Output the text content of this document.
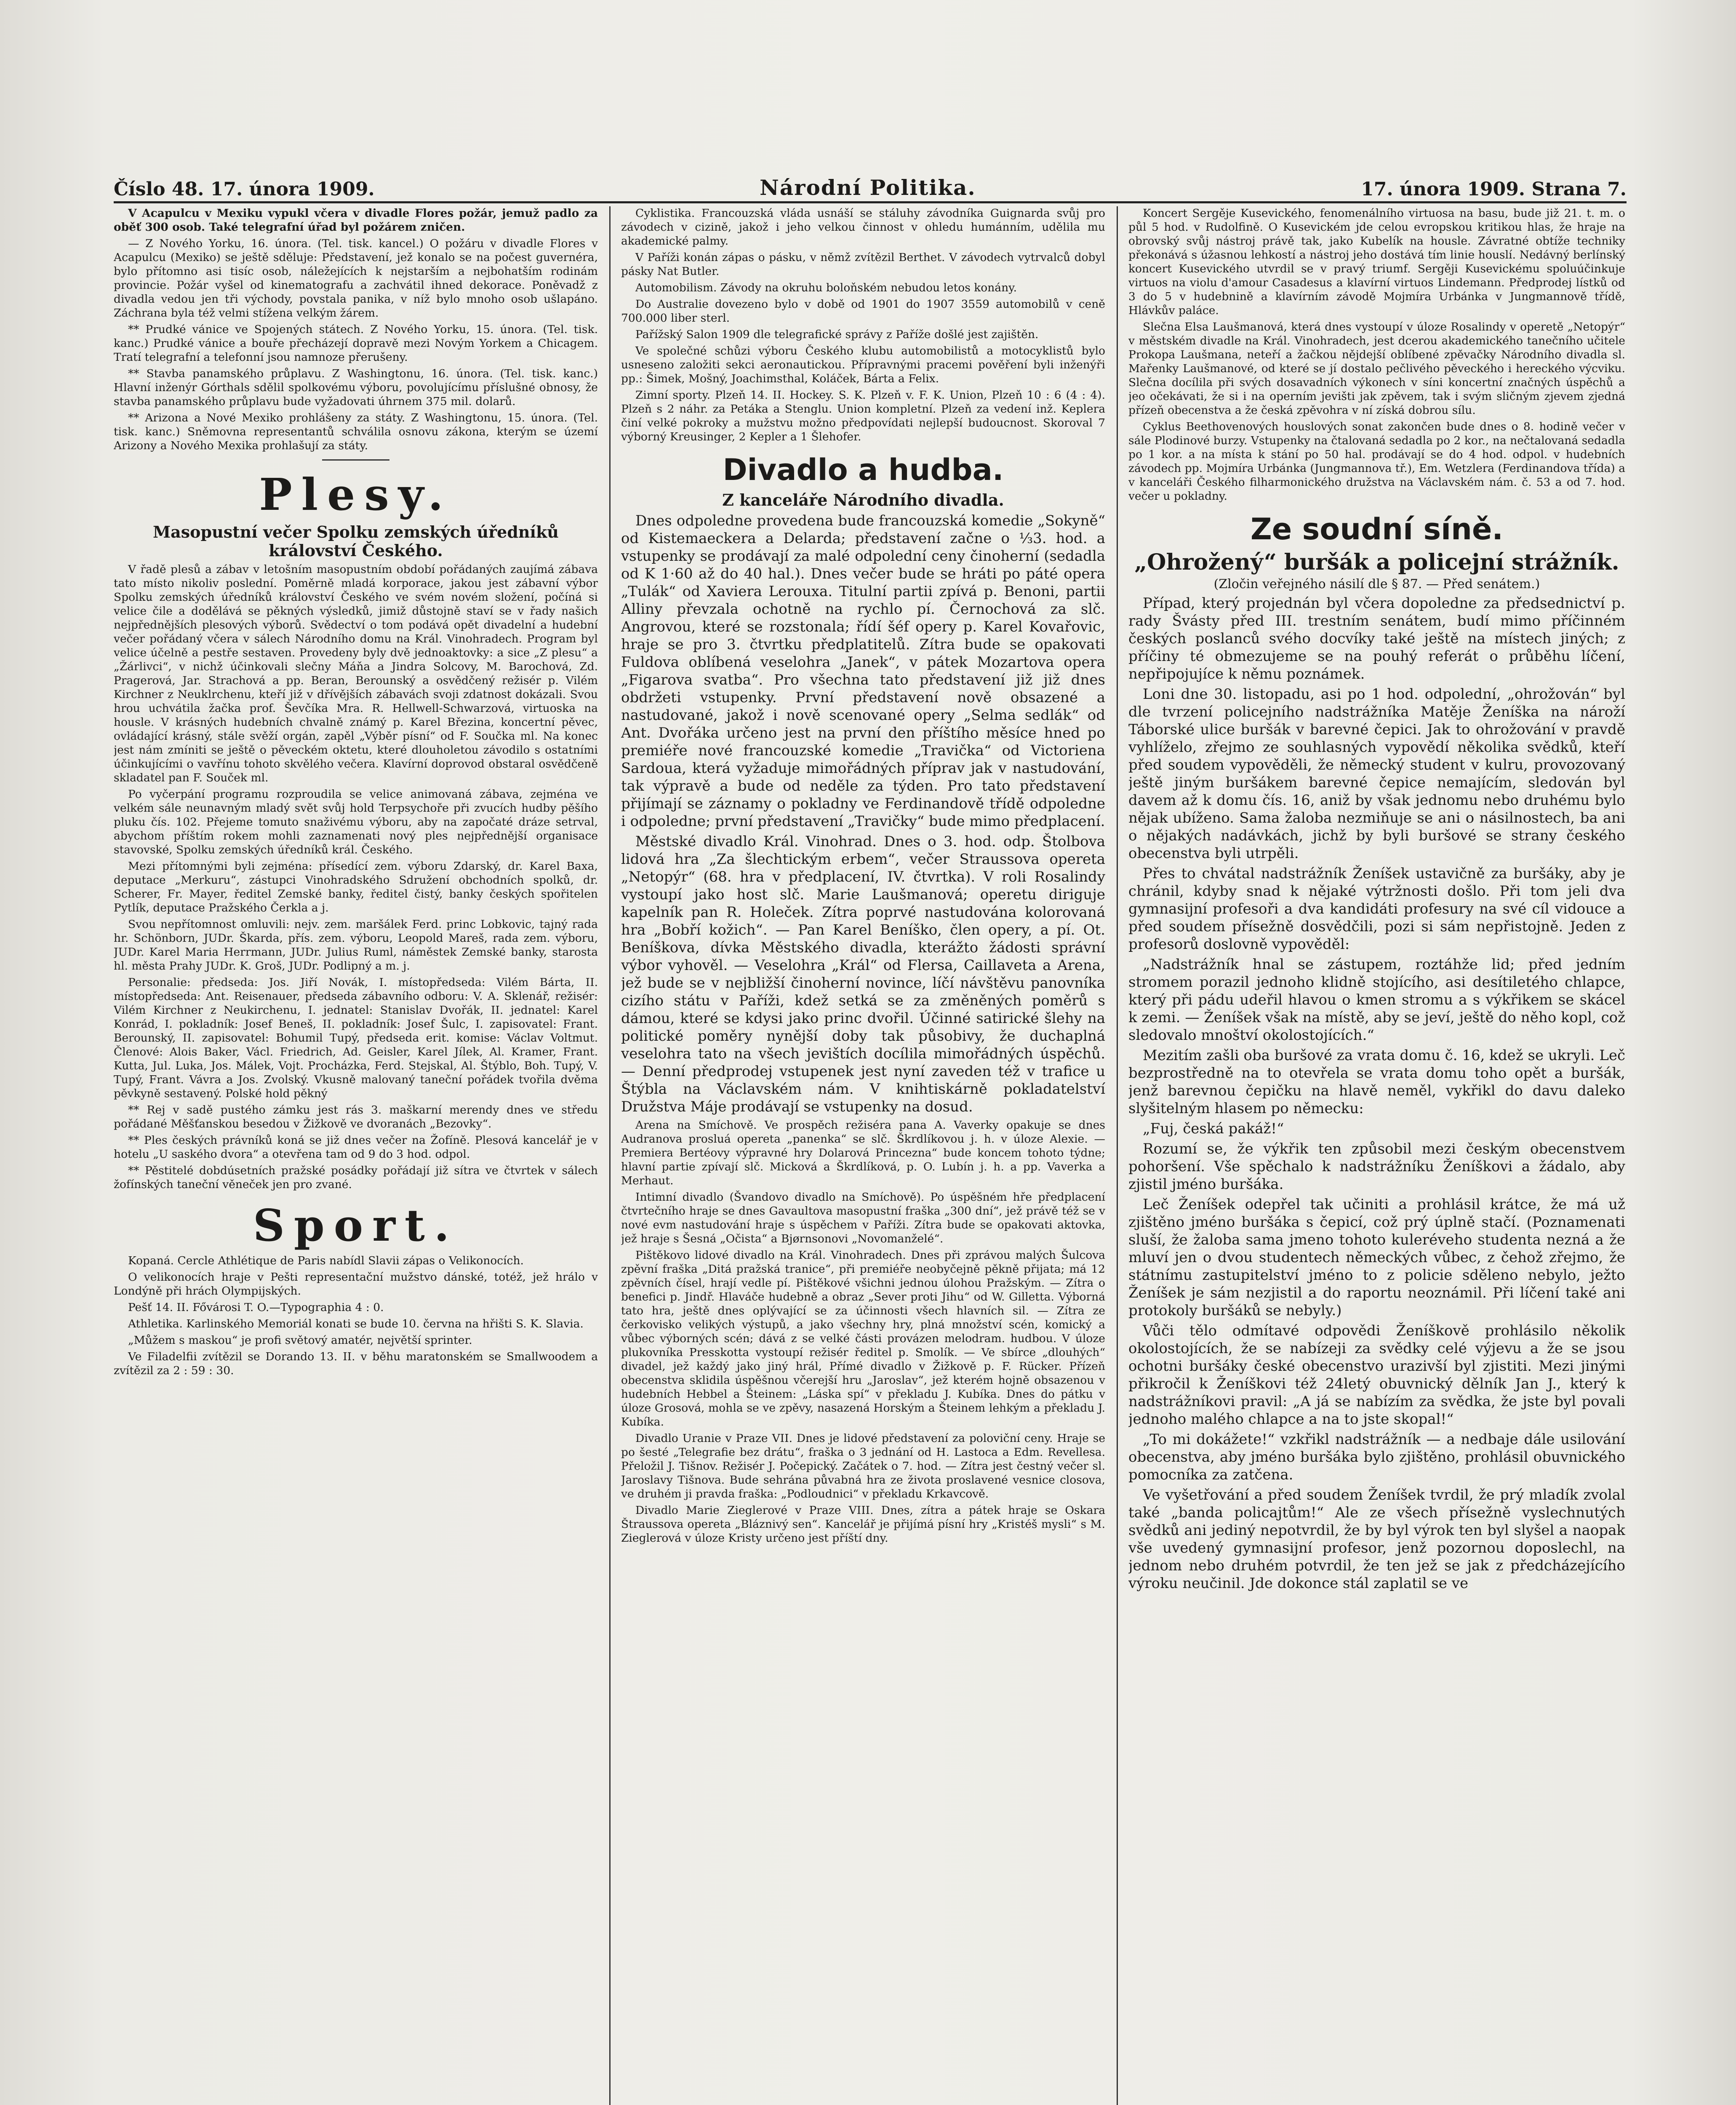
Číslo 48. 17. února 1909.	Národní Politika.	17. února 1909. Strana 7.

V Acapulcu v Mexiku vypukl včera v divadle Flores požár, jemuž padlo za oběť 300 osob. Také telegrafní úřad byl požárem zničen.

— Z Nového Yorku, 16. února. (Tel. tisk. kancel.) O požáru v divadle Flores v Acapulcu (Mexiko) se ještě sděluje: Představení, jež konalo se na počest guvernéra, bylo přítomno asi tisíc osob, náležejících k nejstarším a nejbohatším rodinám provincie. Požár vyšel od kinematografu a zachvátil ihned dekorace. Poněvadž z divadla vedou jen tři východy, povstala panika, v níž bylo mnoho osob ušlapáno. Záchrana byla též velmi stížena velkým žárem.

** Prudké vánice ve Spojených státech. Z Nového Yorku, 15. února. (Tel. tisk. kanc.) Prudké vánice a bouře přecházejí dopravě mezi Novým Yorkem a Chicagem. Tratí telegrafní a telefonní jsou namnoze přerušeny.

** Stavba panamského průplavu. Z Washingtonu, 16. února. (Tel. tisk. kanc.) Hlavní inženýr Górthals sdělil spolkovému výboru, povolujícímu příslušné obnosy, že stavba panamského průplavu bude vyžadovati úhrnem 375 mil. dolarů.

** Arizona a Nové Mexiko prohlášeny za státy. Z Washingtonu, 15. února. (Tel. tisk. kanc.) Sněmovna representantů schválila osnovu zákona, kterým se území Arizony a Nového Mexika prohlašují za státy.

Plesy.
Masopustní večer Spolku zemských úředníků království Českého.

V řadě plesů a zábav v letošním masopustním období pořádaných zaujímá zábava tato místo nikoliv poslední. Poměrně mladá korporace, jakou jest zábavní výbor Spolku zemských úředníků království Českého ve svém novém složení, počíná si velice čile a dodělává se pěkných výsledků, jimiž důstojně staví se v řady našich nejpřednějších plesových výborů. Svědectví o tom podává opět divadelní a hudební večer pořádaný včera v sálech Národního domu na Král. Vinohradech. Program byl velice účelně a pestře sestaven. Provedeny byly dvě jednoaktovky: a sice „Z plesu“ a „Žárlivci“, v nichž účinkovali slečny Máňa a Jindra Solcovy, M. Barochová, Zd. Pragerová, Jar. Strachová a pp. Beran, Berounský a osvědčený režisér p. Vilém Kirchner z Neuklrchenu, kteří již v dřívějších zábavách svoji zdatnost dokázali. Svou hrou uchvátila žačka prof. Ševčíka Mra. R. Hellwell-Schwarzová, virtuoska na housle. V krásných hudebních chvalně známý p. Karel Březina, koncertní pěvec, ovládající krásný, stále svěží orgán, zapěl „Výběr písní“ od F. Součka ml. Na konec jest nám zmíniti se ještě o pěveckém oktetu, které dlouholetou závodilo s ostatními účinkujícími o vavřínu tohoto skvělého večera. Klavírní doprovod obstaral osvědčeně skladatel pan F. Souček ml.

Po vyčerpání programu rozproudila se velice animovaná zábava, zejména ve velkém sále neunavným mladý svět svůj hold Terpsychoře při zvucích hudby pěšího pluku čís. 102. Přejeme tomuto snaživému výboru, aby na započaté dráze setrval, abychom příštím rokem mohli zaznamenati nový ples nejpřednější organisace stavovské, Spolku zemských úředníků král. Českého.

Mezi přítomnými byli zejména: přísedící zem. výboru Zdarský, dr. Karel Baxa, deputace „Merkuru“, zástupci Vinohradského Sdružení obchodních spolků, dr. Scherer, Fr. Mayer, ředitel Zemské banky, ředitel čistý, banky českých spořitelen Pytlík, deputace Pražského Čerkla a j.

Svou nepřítomnost omluvili: nejv. zem. maršálek Ferd. princ Lobkovic, tajný rada hr. Schönborn, JUDr. Škarda, přís. zem. výboru, Leopold Mareš, rada zem. výboru, JUDr. Karel Maria Herrmann, JUDr. Julius Ruml, náměstek Zemské banky, starosta hl. města Prahy JUDr. K. Groš, JUDr. Podlipný a m. j.

Personalie: předseda: Jos. Jiří Novák, I. místopředseda: Vilém Bárta, II. místopředseda: Ant. Reisenauer, předseda zábavního odboru: V. A. Sklenář, režisér: Vilém Kirchner z Neukirchenu, I. jednatel: Stanislav Dvořák, II. jednatel: Karel Konrád, I. pokladník: Josef Beneš, II. pokladník: Josef Šulc, I. zapisovatel: Frant. Berounský, II. zapisovatel: Bohumil Tupý, předseda erit. komise: Václav Voltmut. Členové: Alois Baker, Václ. Friedrich, Ad. Geisler, Karel Jílek, Al. Kramer, Frant. Kutta, Jul. Luka, Jos. Málek, Vojt. Procházka, Ferd. Stejskal, Al. Štýblo, Boh. Tupý, V. Tupý, Frant. Vávra a Jos. Zvolský. Vkusně malovaný taneční pořádek tvořila dvěma pěvkyně sestavený. Polské hold pěkný

** Rej v sadě pustého zámku jest rás 3. maškarní merendy dnes ve středu pořádané Měšťanskou besedou v Žižkově ve dvoranách „Bezovky“.

** Ples českých právníků koná se již dnes večer na Žofíně. Plesová kancelář je v hotelu „U saského dvora“ a otevřena tam od 9 do 3 hod. odpol.

** Pěstitelé dobdúsetních pražské posádky pořádají již sítra ve čtvrtek v sálech žofínských taneční věneček jen pro zvané.

Sport.

Kopaná. Cercle Athlétique de Paris nabídl Slavii zápas o Velikonocích.

O velikonocích hraje v Pešti representační mužstvo dánské, totéž, jež hrálo v Londýně při hrách Olympijských.

Pešť 14. II. Fővárosi T. O.—Typographia 4 : 0.

Athletika. Karlinského Memoriál konati se bude 10. června na hřišti S. K. Slavia.

„Můžem s maskou“ je profi světový amatér, největší sprinter.

Ve Filadelfii zvítězil se Dorando 13. II. v běhu maratonském se Smallwoodem a zvítězil za 2 : 59 : 30.

Cyklistika. Francouzská vláda usnáší se stáluhy závodníka Guignarda svůj pro závodech v cizině, jakož i jeho velkou činnost v ohledu humánním, udělila mu akademické palmy.

V Paříži konán zápas o pásku, v němž zvítězil Berthet. V závodech vytrvalců dobyl pásky Nat Butler.

Automobilism. Závody na okruhu boloňském nebudou letos konány.

Do Australie dovezeno bylo v době od 1901 do 1907 3559 automobilů v ceně 700.000 liber sterl.

Pařížský Salon 1909 dle telegrafické správy z Paříže došlé jest zajištěn.

Ve společné schůzi výboru Českého klubu automobilistů a motocyklistů bylo usneseno založiti sekci aeronautickou. Přípravnými pracemi pověření byli inženýři pp.: Šimek, Mošný, Joachimsthal, Koláček, Bárta a Felix.

Zimní sporty. Plzeň 14. II. Hockey. S. K. Plzeň v. F. K. Union, Plzeň 10 : 6 (4 : 4). Plzeň s 2 náhr. za Petáka a Stenglu. Union kompletní. Plzeň za vedení inž. Keplera činí velké pokroky a mužstvu možno předpovídati nejlepší budoucnost. Skoroval 7 výborný Kreusinger, 2 Kepler a 1 Šlehofer.

Divadlo a hudba.
Z kanceláře Národního divadla.

Dnes odpoledne provedena bude francouzská komedie „Sokyně“ od Kistemaeckera a Delarda; představení začne o ⅓3. hod. a vstupenky se prodávají za malé odpolední ceny činoherní (sedadla od K 1·60 až do 40 hal.). Dnes večer bude se hráti po páté opera „Tulák“ od Xaviera Lerouxa. Titulní partii zpívá p. Benoni, partii Alliny převzala ochotně na rychlo pí. Černochová za slč. Angrovou, které se rozstonala; řídí šéf opery p. Karel Kovařovic, hraje se pro 3. čtvrtku předplatitelů. Zítra bude se opakovati Fuldova oblíbená veselohra „Janek“, v pátek Mozartova opera „Figarova svatba“. Pro všechna tato představení již již dnes obdržeti vstupenky. První představení nově obsazené a nastudované, jakož i nově scenované opery „Selma sedlák“ od Ant. Dvořáka určeno jest na první den příštího měsíce hned po premiéře nové francouzské komedie „Travička“ od Victoriena Sardoua, která vyžaduje mimořádných příprav jak v nastudování, tak výpravě a bude od neděle za týden. Pro tato představení přijímají se záznamy o pokladny ve Ferdinandově třídě odpoledne i odpoledne; první představení „Travičky“ bude mimo předplacení.

Městské divadlo Král. Vinohrad. Dnes o 3. hod. odp. Štolbova lidová hra „Za šlechtickým erbem“, večer Straussova opereta „Netopýr“ (68. hra v předplacení, IV. čtvrtka). V roli Rosalindy vystoupí jako host slč. Marie Laušmanová; operetu diriguje kapelník pan R. Holeček. Zítra poprvé nastudována kolorovaná hra „Bobří kožich“. — Pan Karel Beníško, člen opery, a pí. Ot. Beníškova, dívka Městského divadla, kterážto žádosti správní výbor vyhověl. — Veselohra „Král“ od Flersa, Caillaveta a Arena, jež bude se v nejbližší činoherní novince, líčí návštěvu panovníka cizího státu v Paříži, kdež setká se za změněných poměrů s dámou, které se kdysi jako princ dvořil. Účinné satirické šlehy na politické poměry nynější doby tak působivy, že duchaplná veselohra tato na všech jevištích docílila mimořádných úspěchů. — Denní předprodej vstupenek jest nyní zaveden též v trafice u Štýbla na Václavském nám. V knihtiskárně pokladatelství Družstva Máje prodávají se vstupenky na dosud.

Arena na Smíchově. Ve prospěch režiséra pana A. Vaverky opakuje se dnes Audranova prosluá opereta „panenka“ se slč. Škrdlíkovou j. h. v úloze Alexie. — Premiera Bertéovy výpravné hry Dolarová Princezna“ bude koncem tohoto týdne; hlavní partie zpívají slč. Micková a Škrdlíková, p. O. Lubín j. h. a pp. Vaverka a Merhaut.

Intimní divadlo (Švandovo divadlo na Smíchově). Po úspěšném hře předplacení čtvrtečního hraje se dnes Gavaultova masopustní fraška „300 dní“, jež právě též se v nové evm nastudování hraje s úspěchem v Paříži. Zítra bude se opakovati aktovka, jež hraje s Šesná „Očista“ a Bjørnsonovi „Novomanželé“.

Pištěkovo lidové divadlo na Král. Vinohradech. Dnes při zprávou malých Šulcova zpěvní fraška „Ditá pražská tranice“, při premiéře neobyčejně pěkně přijata; má 12 zpěvních čísel, hrají vedle pí. Pištěkové všichni jednou úlohou Pražským. — Zítra o benefici p. Jindř. Hlaváče hudebně a obraz „Sever proti Jihu“ od W. Gilletta. Výborná tato hra, ještě dnes oplývající se za účinnosti všech hlavních sil. — Zítra ze čerkovisko velikých výstupů, a jako všechny hry, plná množství scén, komický a vůbec výborných scén; dává z se velké části provázen melodram. hudbou. V úloze plukovníka Presskotta vystoupí režisér ředitel p. Smolík. — Ve sbírce „dlouhých“ divadel, jež každý jako jiný hrál, Přímé divadlo v Žižkově p. F. Rücker. Přízeň obecenstva sklidila úspěšnou včerejší hru „Jaroslav“, jež kterém hojně obsazenou v hudebních Hebbel a Šteinem: „Láska spí“ v překladu J. Kubíka. Dnes do pátku v úloze Grosová, mohla se ve zpěvy, nasazená Horským a Šteinem lehkým a překladu J. Kubíka.

Divadlo Uranie v Praze VII. Dnes je lidové představení za poloviční ceny. Hraje se po šesté „Telegrafie bez drátu“, fraška o 3 jednání od H. Lastoca a Edm. Revellesa. Přeložil J. Tišnov. Režisér J. Počepický. Začátek o 7. hod. — Zítra jest čestný večer sl. Jaroslavy Tišnova. Bude sehrána půvabná hra ze života proslavené vesnice closova, ve druhém ji pravda fraška: „Podloudnici“ v překladu Krkavcově.

Divadlo Marie Zieglerové v Praze VIII. Dnes, zítra a pátek hraje se Oskara Štraussova opereta „Bláznivý sen“. Kancelář je přijímá písní hry „Kristéš mysli“ s M. Zieglerová v úloze Kristy určeno jest příští dny.

Koncert Sergěje Kusevického, fenomenálního virtuosa na basu, bude již 21. t. m. o půl 5 hod. v Rudolfině. O Kusevickém jde celou evropskou kritikou hlas, že hraje na obrovský svůj nástroj právě tak, jako Kubelík na housle. Závratné obtíže techniky překonává s úžasnou lehkostí a nástroj jeho dostává tím linie houslí. Nedávný berlínský koncert Kusevického utvrdil se v pravý triumf. Sergěji Kusevickému spoluúčinkuje virtuos na violu d'amour Casadesus a klavírní virtuos Lindemann. Předprodej lístků od 3 do 5 v hudebnině a klavírním závodě Mojmíra Urbánka v Jungmannově třídě, Hlávkův paláce.

Slečna Elsa Laušmanová, která dnes vystoupí v úloze Rosalindy v operetě „Netopýr“ v městském divadle na Král. Vinohradech, jest dcerou akademického tanečního učitele Prokopa Laušmana, neteří a žačkou nějdejší oblíbené zpěvačky Národního divadla sl. Mařenky Laušmanové, od které se jí dostalo pečlivého pěveckého i hereckého výcviku. Slečna docílila při svých dosavadních výkonech v síni koncertní značných úspěchů a jeo očekávati, že si i na operním jevišti jak zpěvem, tak i svým sličným zjevem zjedná přízeň obecenstva a že česká zpěvohra v ní získá dobrou sílu.

Cyklus Beethovenových houslových sonat zakončen bude dnes o 8. hodině večer v sále Plodinové burzy. Vstupenky na čtalovaná sedadla po 2 kor., na nečtalovaná sedadla po 1 kor. a na místa k stání po 50 hal. prodávají se do 4 hod. odpol. v hudebních závodech pp. Mojmíra Urbánka (Jungmannova tř.), Em. Wetzlera (Ferdinandova třída) a v kanceláři Českého filharmonického družstva na Václavském nám. č. 53 a od 7. hod. večer u pokladny.

Ze soudní síně.
„Ohrožený“ buršák a policejní strážník.
(Zločin veřejného násilí dle § 87. — Před senátem.)

Případ, který projednán byl včera dopoledne za předsednictví p. rady Švásty před III. trestním senátem, budí mimo příčinném českých poslanců svého docvíky také ještě na místech jiných; z příčiny té obmezujeme se na pouhý referát o průběhu líčení, nepřipojujíce k němu poznámek.

Loni dne 30. listopadu, asi po 1 hod. odpolední, „ohrožován“ byl dle tvrzení policejního nadstrážníka Matěje Ženíška na nároží Táborské ulice buršák v barevné čepici. Jak to ohrožování v pravdě vyhlíželo, zřejmo ze souhlasných vypovědí několika svědků, kteří před soudem vypověděli, že německý student v kulru, provozovaný ještě jiným buršákem barevné čepice nemajícím, sledován byl davem až k domu čís. 16, aniž by však jednomu nebo druhému bylo nějak ubíženo. Sama žaloba nezmiňuje se ani o násilnostech, ba ani o nějakých nadávkách, jichž by byli buršové se strany českého obecenstva byli utrpěli.

Přes to chvátal nadstrážník Ženíšek ustavičně za buršáky, aby je chránil, kdyby snad k nějaké výtržnosti došlo. Při tom jeli dva gymnasijní profesoři a dva kandidáti profesury na své cíl vidouce a před soudem přísežně dosvědčili, pozi si sám nepřistojně. Jeden z profesorů doslovně vypověděl:

„Nadstrážník hnal se zástupem, roztáhže lid; před jedním stromem porazil jednoho klidně stojícího, asi desítiletého chlapce, který při pádu udeřil hlavou o kmen stromu a s výkřikem se skácel k zemi. — Ženíšek však na místě, aby se jeví, ještě do něho kopl, což sledovalo mnoštví okolostojících.“

Mezitím zašli oba buršové za vrata domu č. 16, kdež se ukryli. Leč bezprostředně na to otevřela se vrata domu toho opět a buršák, jenž barevnou čepičku na hlavě neměl, vykřikl do davu daleko slyšitelným hlasem po německu:

„Fuj, česká pakáž!“

Rozumí se, že výkřik ten způsobil mezi českým obecenstvem pohoršení. Vše spěchalo k nadstrážníku Ženíškovi a žádalo, aby zjistil jméno buršáka.

Leč Ženíšek odepřel tak učiniti a prohlásil krátce, že má už zjištěno jméno buršáka s čepicí, což prý úplně stačí. (Poznamenati sluší, že žaloba sama jmeno tohoto kuleréveho studenta nezná a že mluví jen o dvou studentech německých vůbec, z čehož zřejmo, že státnímu zastupitelství jméno to z policie sděleno nebylo, ježto Ženíšek je sám nezjistil a do raportu neoznámil. Při líčení také ani protokoly buršáků se nebyly.)

Vůči tělo odmítavé odpovědi Ženíškově prohlásilo několik okolostojících, že se nabízeji za svědky celé výjevu a že se jsou ochotni buršáky české obecenstvo urazivší byl zjistiti. Mezi jinými přikročil k Ženíškovi též 24letý obuvnický dělník Jan J., který k nadstrážníkovi pravil: „A já se nabízím za svědka, že jste byl povali jednoho malého chlapce a na to jste skopal!“

„To mi dokážete!“ vzkřikl nadstrážník — a nedbaje dále usilování obecenstva, aby jméno buršáka bylo zjištěno, prohlásil obuvnického pomocníka za zatčena.

Ve vyšetřování a před soudem Ženíšek tvrdil, že prý mladík zvolal také „banda policajtům!“ Ale ze všech přísežně vyslechnutých svědků ani jediný nepotvrdil, že by byl výrok ten byl slyšel a naopak vše uvedený gymnasijní profesor, jenž pozornou doposlechl, na jednom nebo druhém potvrdil, že ten jež se jak z předcházejícího výroku neučinil. Jde dokonce stál zaplatil se ve
